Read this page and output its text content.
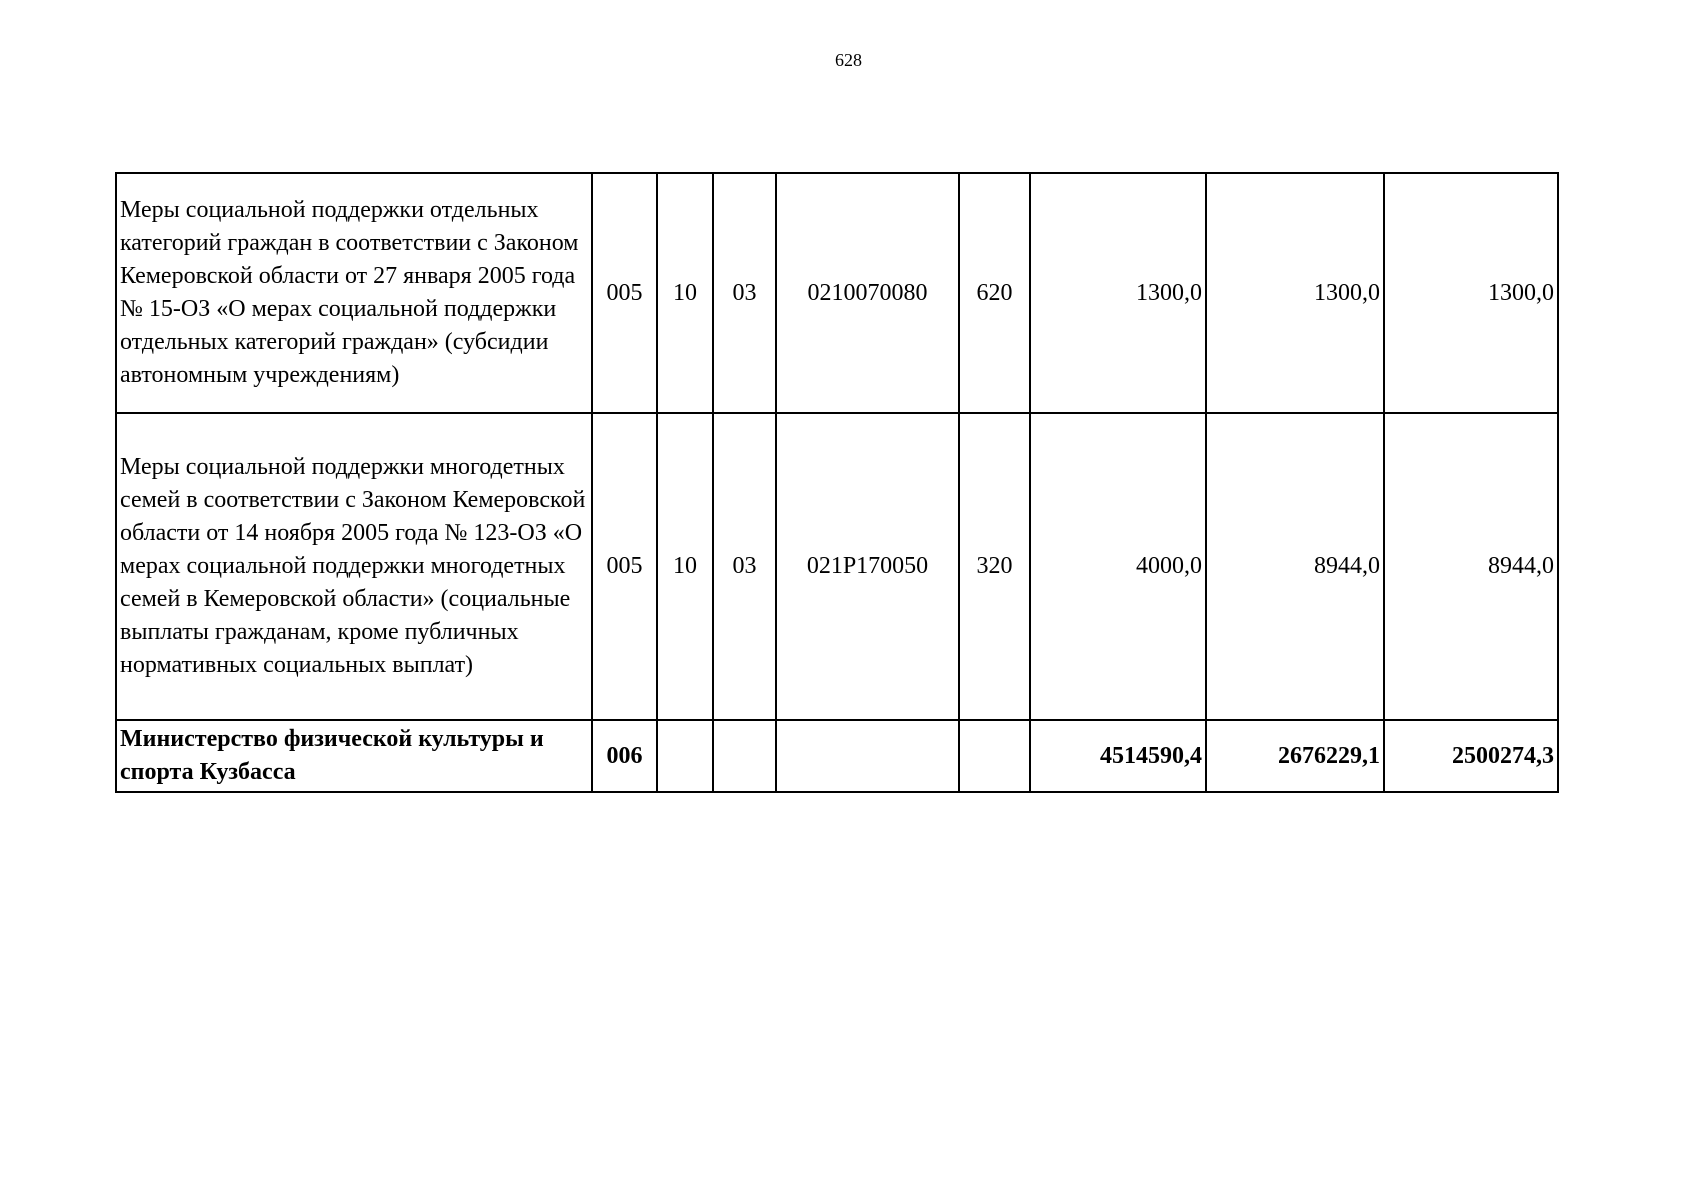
628
Меры социальной поддержки отдельных категорий граждан в соответствии с Законом Кемеровской области от 27 января 2005 года № 15-ОЗ «О мерах социальной поддержки отдельных категорий граждан» (субсидии автономным учреждениям)	005	10	03	0210070080	620	1300,0	1300,0	1300,0
Меры социальной поддержки многодетных семей в соответствии с Законом Кемеровской области от 14 ноября 2005 года № 123-ОЗ «О мерах социальной поддержки многодетных семей в Кемеровской области» (социальные выплаты гражданам, кроме публичных нормативных социальных выплат)	005	10	03	021P170050	320	4000,0	8944,0	8944,0
Министерство физической культуры и спорта Кузбасса	006					4514590,4	2676229,1	2500274,3
